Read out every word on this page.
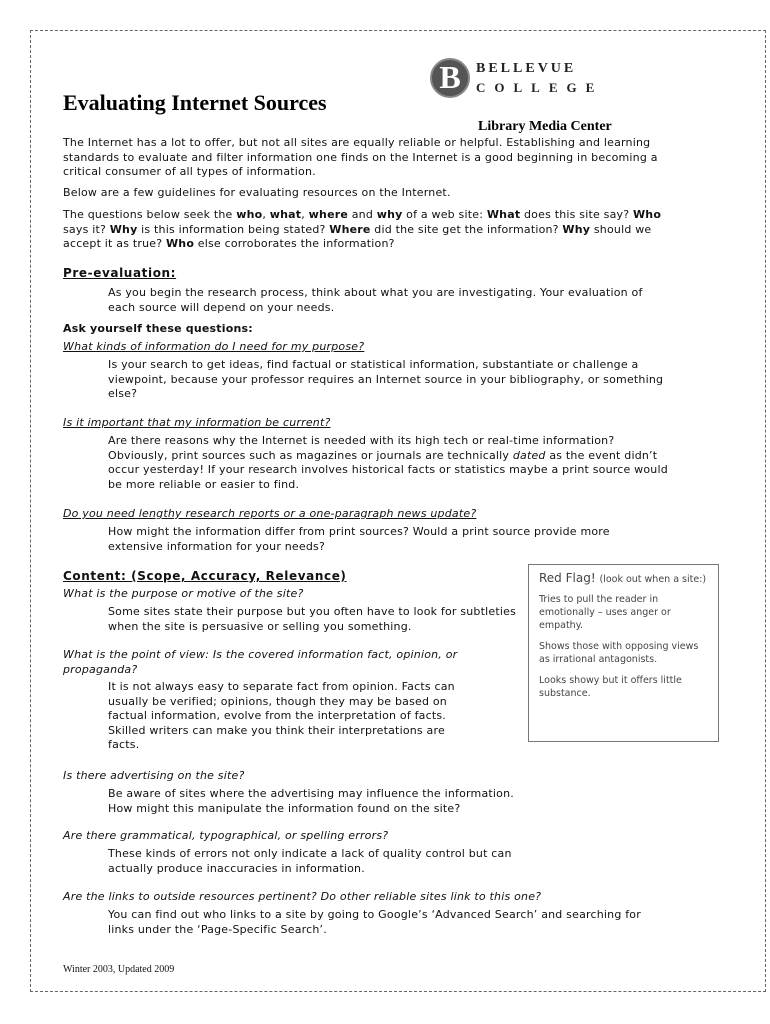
B	BELLEVUE
COLLEGE
Evaluating Internet Sources
Library Media Center

The Internet has a lot to offer, but not all sites are equally reliable or helpful. Establishing and learning standards to evaluate and filter information one finds on the Internet is a good beginning in becoming a critical consumer of all types of information.

Below are a few guidelines for evaluating resources on the Internet.

The questions below seek the who, what, where and why of a web site: What does this site say? Who says it? Why is this information being stated? Where did the site get the information? Why should we accept it as true? Who else corroborates the information?

Pre-evaluation:

As you begin the research process, think about what you are investigating. Your evaluation of each source will depend on your needs.

Ask yourself these questions:

What kinds of information do I need for my purpose?

Is your search to get ideas, find factual or statistical information, substantiate or challenge a viewpoint, because your professor requires an Internet source in your bibliography, or something else?

Is it important that my information be current?

Are there reasons why the Internet is needed with its high tech or real-time information? Obviously, print sources such as magazines or journals are technically dated as the event didn’t occur yesterday! If your research involves historical facts or statistics maybe a print source would be more reliable or easier to find.

Do you need lengthy research reports or a one-paragraph news update?

How might the information differ from print sources? Would a print source provide more extensive information for your needs?

Content: (Scope, Accuracy, Relevance)

What is the purpose or motive of the site?

Some sites state their purpose but you often have to look for subtleties when the site is persuasive or selling you something.

What is the point of view: Is the covered information fact, opinion, or propaganda?

It is not always easy to separate fact from opinion. Facts can usually be verified; opinions, though they may be based on factual information, evolve from the interpretation of facts. Skilled writers can make you think their interpretations are facts.

Is there advertising on the site?

Be aware of sites where the advertising may influence the information. How might this manipulate the information found on the site?

Are there grammatical, typographical, or spelling errors?

These kinds of errors not only indicate a lack of quality control but can actually produce inaccuracies in information.

Are the links to outside resources pertinent? Do other reliable sites link to this one?

You can find out who links to a site by going to Google’s ‘Advanced Search’ and searching for links under the ‘Page-Specific Search’.

Red Flag! (look out when a site:)
Tries to pull the reader in emotionally – uses anger or empathy.
Shows those with opposing views as irrational antagonists.
Looks showy but it offers little substance.
Winter 2003, Updated 2009
